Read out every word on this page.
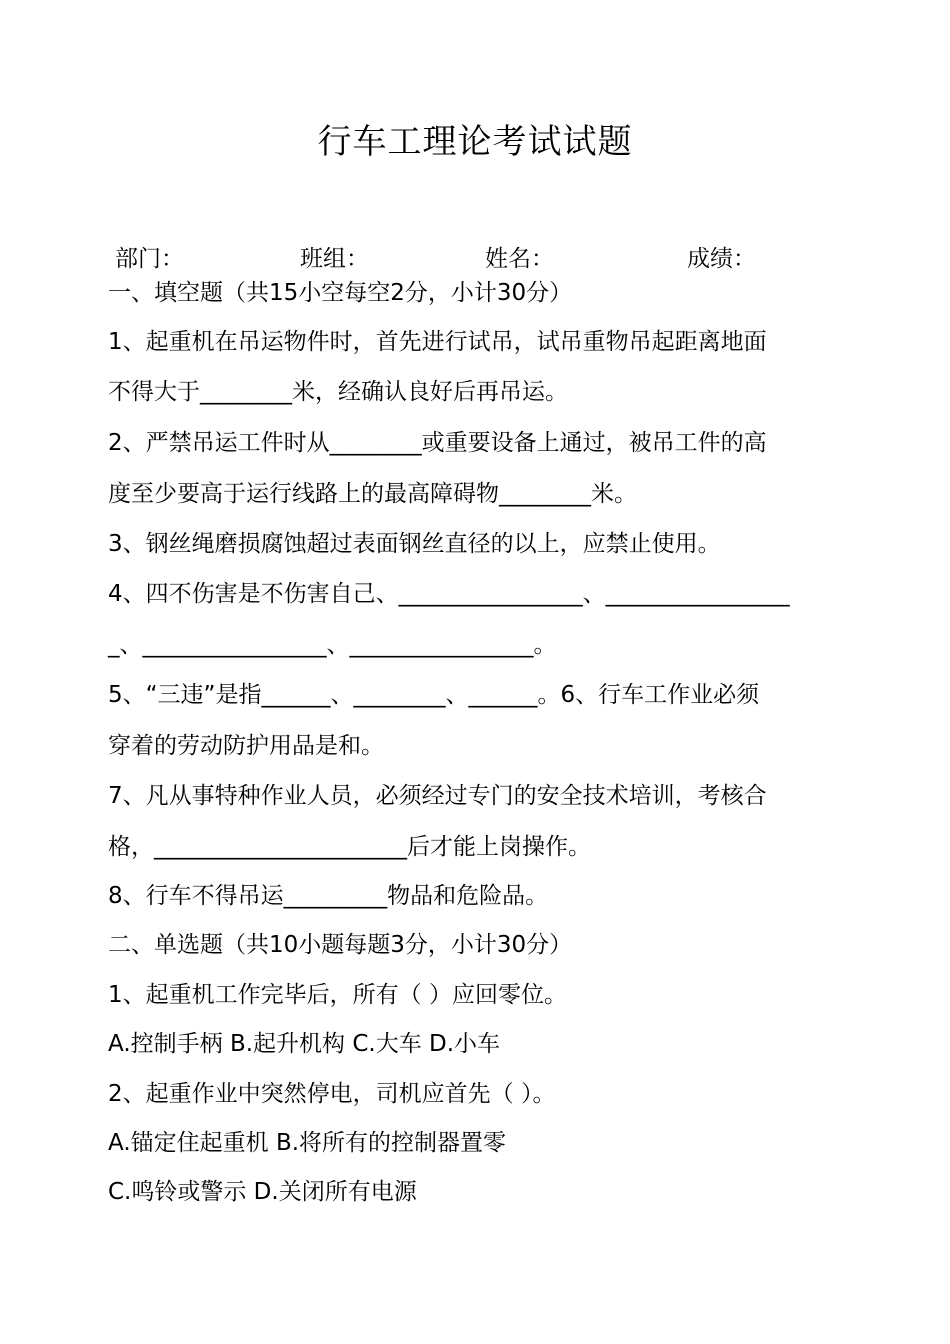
行车工理论考试试题
部门：	班组：	姓名：	成绩：
一、填空题（共15小空每空2分，小计30分）
1、起重机在吊运物件时，首先进行试吊，试吊重物吊起距离地面
不得大于________米，经确认良好后再吊运。
2、严禁吊运工件时从________或重要设备上通过，被吊工件的高
度至少要高于运行线路上的最高障碍物________米。
3、钢丝绳磨损腐蚀超过表面钢丝直径的以上，应禁止使用。
4、四不伤害是不伤害自己、________________、________________
_、________________、________________。
5、“三违”是指______、________、______。6、行车工作业必须
穿着的劳动防护用品是和。
7、凡从事特种作业人员，必须经过专门的安全技术培训，考核合
格，______________________后才能上岗操作。
8、行车不得吊运_________物品和危险品。
二、单选题（共10小题每题3分，小计30分）
1、起重机工作完毕后，所有（ ）应回零位。
A.控制手柄 B.起升机构 C.大车 D.小车
2、起重作业中突然停电，司机应首先（ ）。
A.锚定住起重机 B.将所有的控制器置零
C.鸣铃或警示 D.关闭所有电源
